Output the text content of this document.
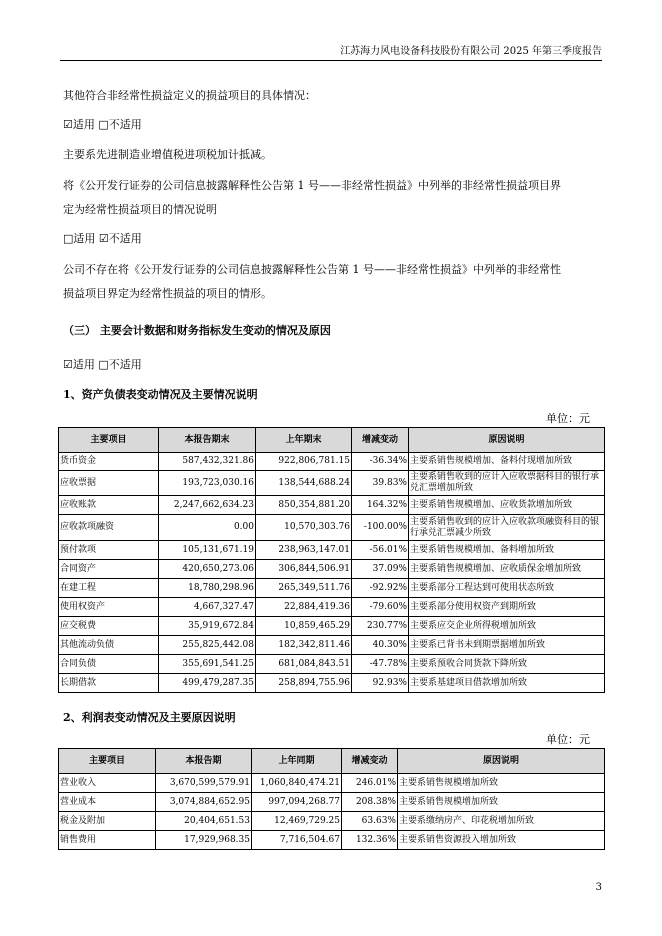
江苏海力风电设备科技股份有限公司 2025 年第三季度报告
其他符合非经常性损益定义的损益项目的具体情况：
☑适用 □不适用
主要系先进制造业增值税进项税加计抵减。
将《公开发行证券的公司信息披露解释性公告第 1 号——非经常性损益》中列举的非经常性损益项目界
定为经常性损益项目的情况说明
□适用 ☑不适用
公司不存在将《公开发行证券的公司信息披露解释性公告第 1 号——非经常性损益》中列举的非经常性
损益项目界定为经常性损益的项目的情形。
（三） 主要会计数据和财务指标发生变动的情况及原因
☑适用 □不适用
1、资产负债表变动情况及主要情况说明
单位：元
主要项目	本报告期末	上年期末	增减变动	原因说明
货币资金	587,432,321.86	922,806,781.15	-36.34%	主要系销售规模增加、备料付现增加所致
应收票据	193,723,030.16	138,544,688.24	39.83%	主要系销售收到的应计入应收票据科目的银行承兑汇票增加所致
应收账款	2,247,662,634.23	850,354,881.20	164.32%	主要系销售规模增加、应收货款增加所致
应收款项融资	0.00	10,570,303.76	-100.00%	主要系销售收到的应计入应收款项融资科目的银行承兑汇票减少所致
预付款项	105,131,671.19	238,963,147.01	-56.01%	主要系销售规模增加、备料增加所致
合同资产	420,650,273.06	306,844,506.91	37.09%	主要系销售规模增加、应收质保金增加所致
在建工程	18,780,298.96	265,349,511.76	-92.92%	主要系部分工程达到可使用状态所致
使用权资产	4,667,327.47	22,884,419.36	-79.60%	主要系部分使用权资产到期所致
应交税费	35,919,672.84	10,859,465.29	230.77%	主要系应交企业所得税增加所致
其他流动负债	255,825,442.08	182,342,811.46	40.30%	主要系已背书未到期票据增加所致
合同负债	355,691,541.25	681,084,843.51	-47.78%	主要系预收合同货款下降所致
长期借款	499,479,287.35	258,894,755.96	92.93%	主要系基建项目借款增加所致
2、利润表变动情况及主要原因说明
单位：元
主要项目	本报告期	上年同期	增减变动	原因说明
营业收入	3,670,599,579.91	1,060,840,474.21	246.01%	主要系销售规模增加所致
营业成本	3,074,884,652.95	997,094,268.77	208.38%	主要系销售规模增加所致
税金及附加	20,404,651.53	12,469,729.25	63.63%	主要系缴纳房产、印花税增加所致
销售费用	17,929,968.35	7,716,504.67	132.36%	主要系销售资源投入增加所致
3
